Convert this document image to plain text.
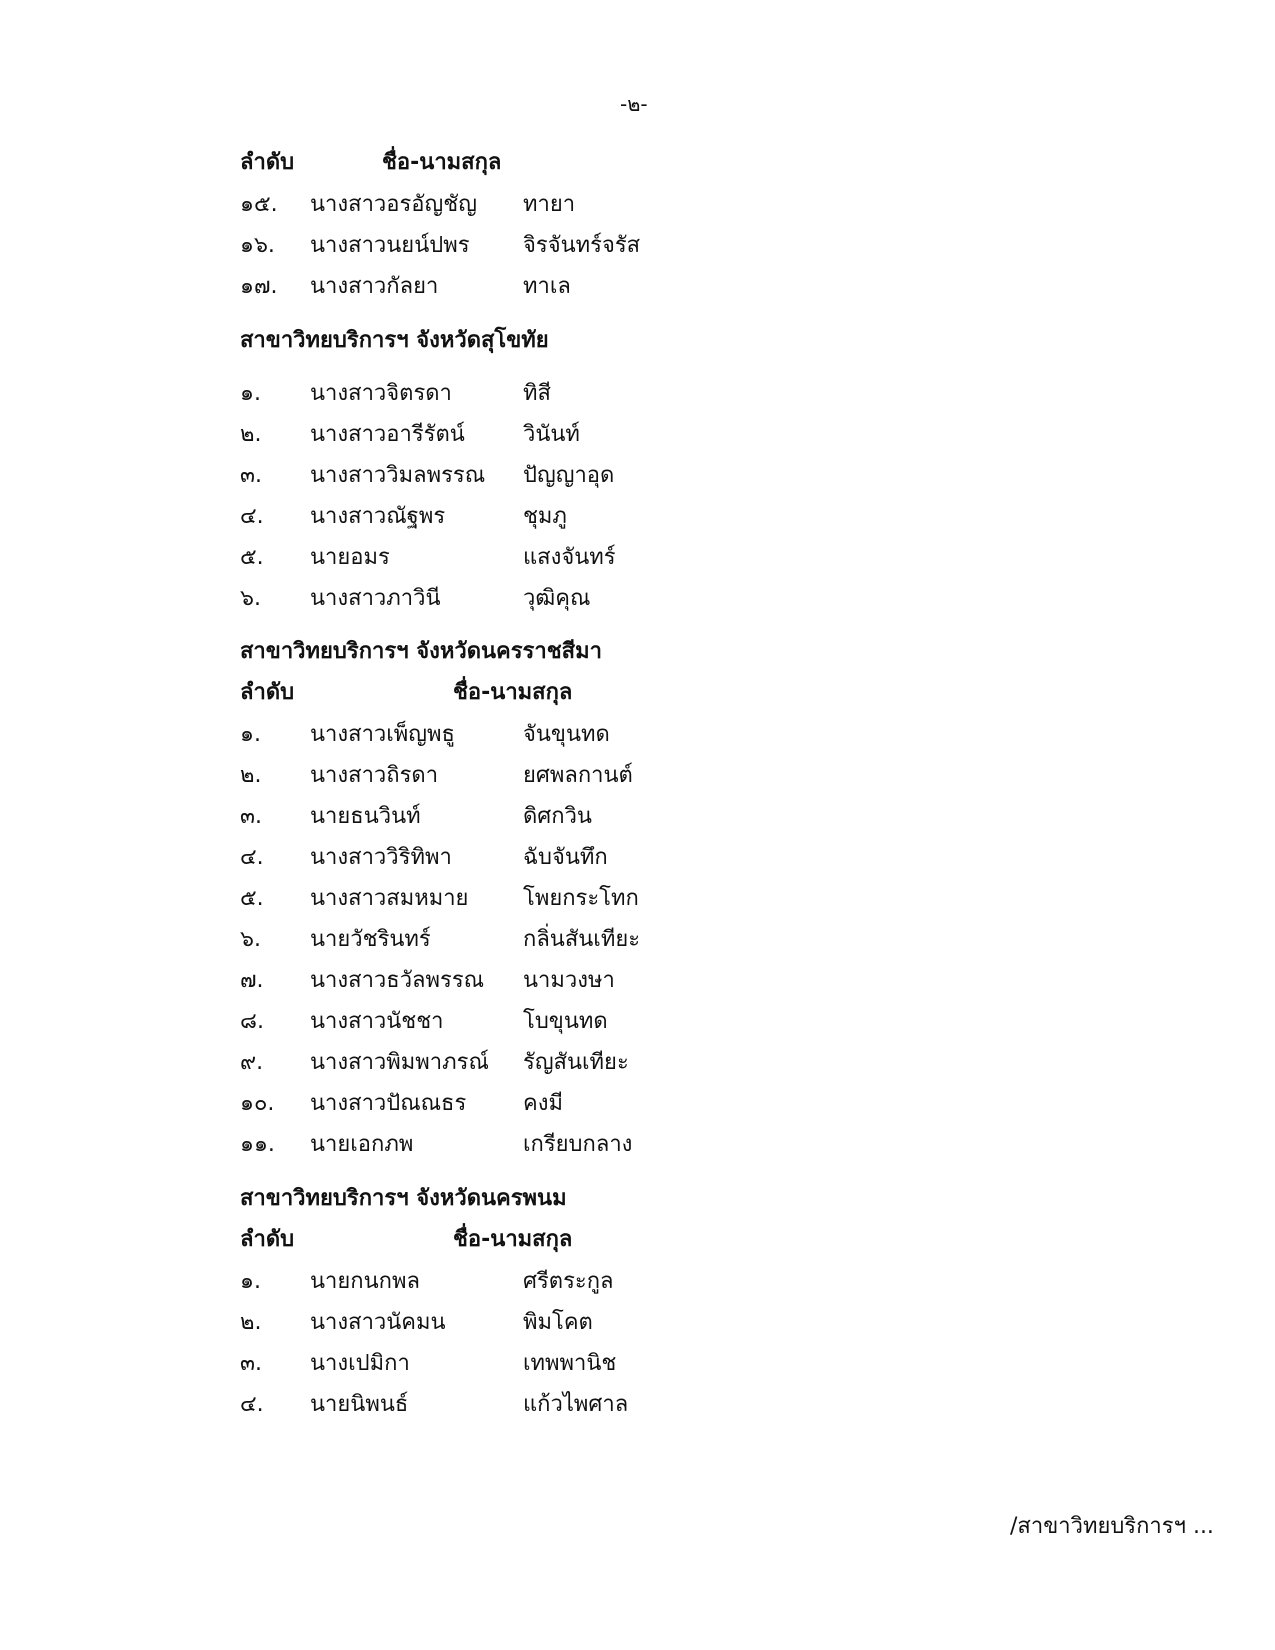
-๒-

ลำดับ	ชื่อ-นามสกุล
๑๕. นางสาวอรอัญชัญ ทายา
๑๖. นางสาวนยน์ปพร จิรจันทร์จรัส
๑๗. นางสาวกัลยา	ทาเล
สาขาวิทยบริการฯ จังหวัดสุโขทัย
๑. นางสาวจิตรดา	ทิสี
๒. นางสาวอารีรัตน์	วินันท์
๓. นางสาววิมลพรรณ ปัญญาอุด
๔. นางสาวณัฐพร	ชุมภู
๕. นายอมร	แสงจันทร์
๖. นางสาวภาวินี	วุฒิคุณ
สาขาวิทยบริการฯ จังหวัดนครราชสีมา
ลำดับ	ชื่อ-นามสกุล
๑. นางสาวเพ็ญพธู	จันขุนทด
๒. นางสาวถิรดา	ยศพลกานต์
๓. นายธนวินท์	ดิศกวิน
๔. นางสาววิริทิพา	ฉับจันทึก
๕. นางสาวสมหมาย โพยกระโทก
๖. นายวัชรินทร์	กลิ่นสันเทียะ
๗. นางสาวธวัลพรรณ นามวงษา
๘. นางสาวนัชชา	โบขุนทด
๙. นางสาวพิมพาภรณ์ รัญสันเทียะ
๑๐. นางสาวปัณณธร	คงมี
๑๑. นายเอกภพ	เกรียบกลาง
สาขาวิทยบริการฯ จังหวัดนครพนม
ลำดับ	ชื่อ-นามสกุล
๑. นายกนกพล	ศรีตระกูล
๒. นางสาวนัคมน	พิมโคต
๓. นางเปมิกา	เทพพานิช
๔. นายนิพนธ์	แก้วไพศาล
/สาขาวิทยบริการฯ ...
